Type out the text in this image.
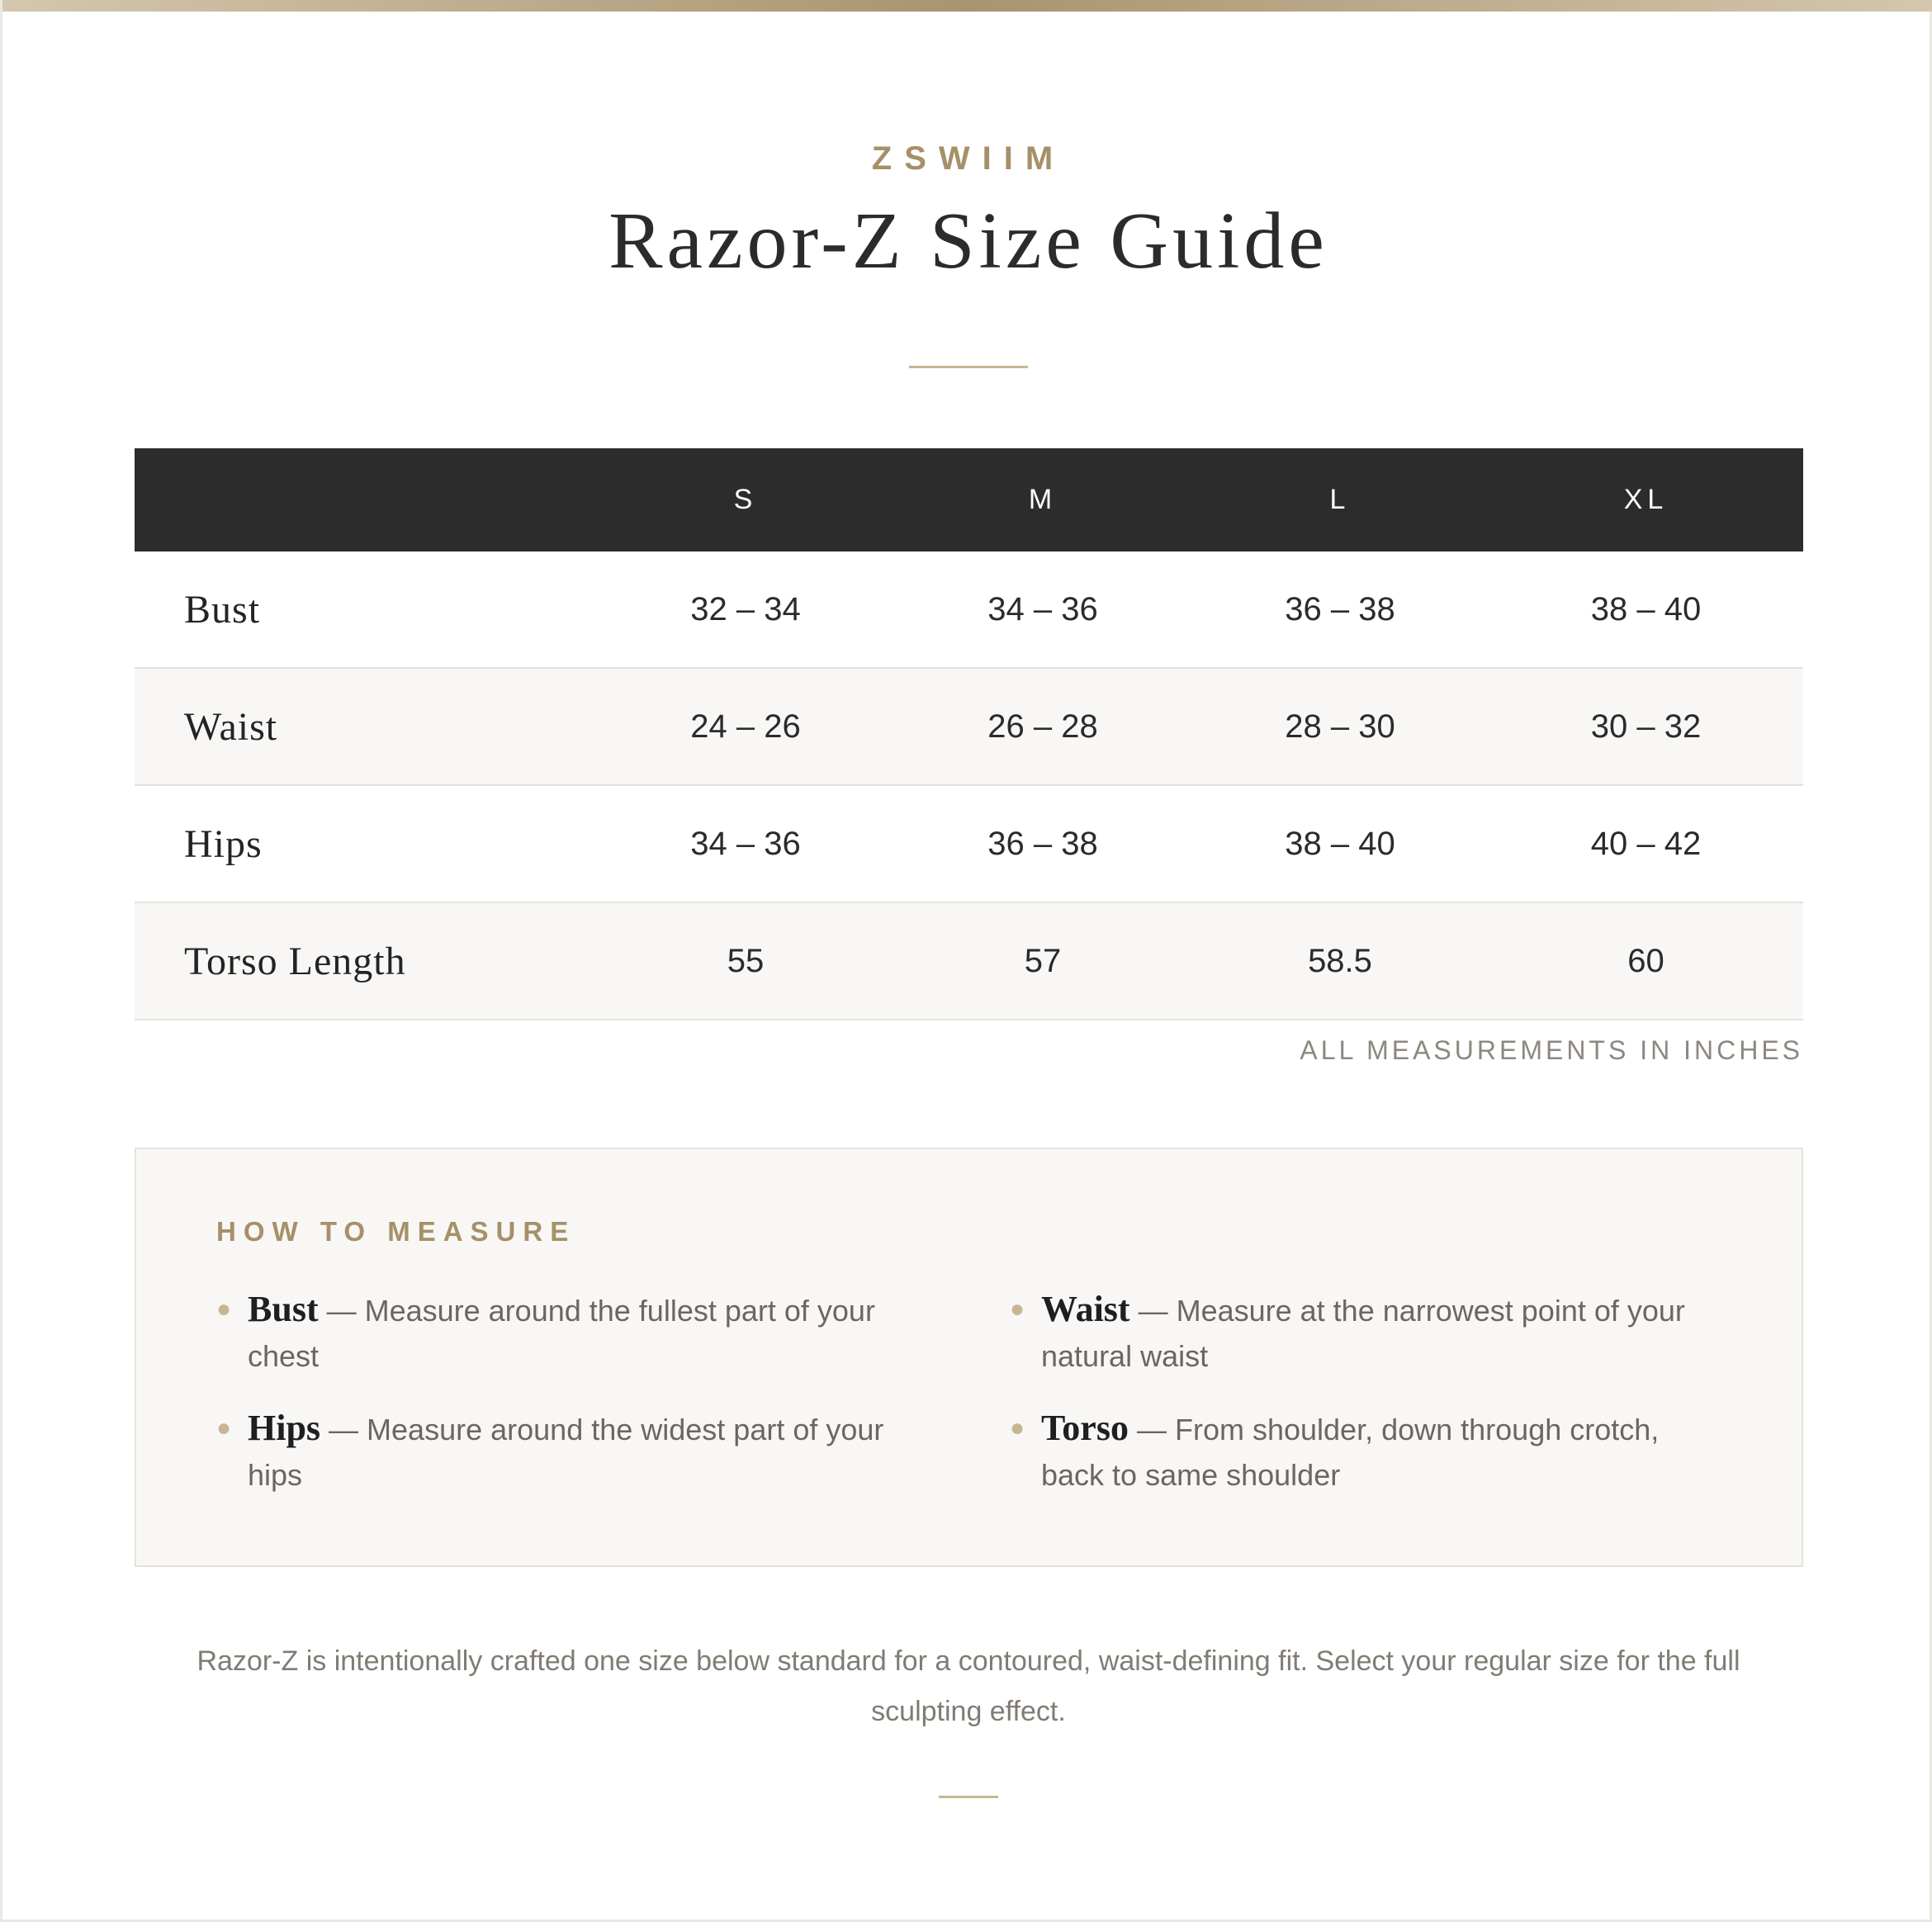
ZSWIIM
Razor-Z Size Guide
	S	M	L	XL
Bust	32 – 34	34 – 36	36 – 38	38 – 40
Waist	24 – 26	26 – 28	28 – 30	30 – 32
Hips	34 – 36	36 – 38	38 – 40	40 – 42
Torso Length	55	57	58.5	60
ALL MEASUREMENTS IN INCHES
HOW TO MEASURE
● Bust — Measure around the fullest part of your chest
● Waist — Measure at the narrowest point of your natural waist
● Hips — Measure around the widest part of your hips
● Torso — From shoulder, down through crotch, back to same shoulder
Razor-Z is intentionally crafted one size below standard for a contoured, waist-defining fit. Select your regular size for the full sculpting effect.
